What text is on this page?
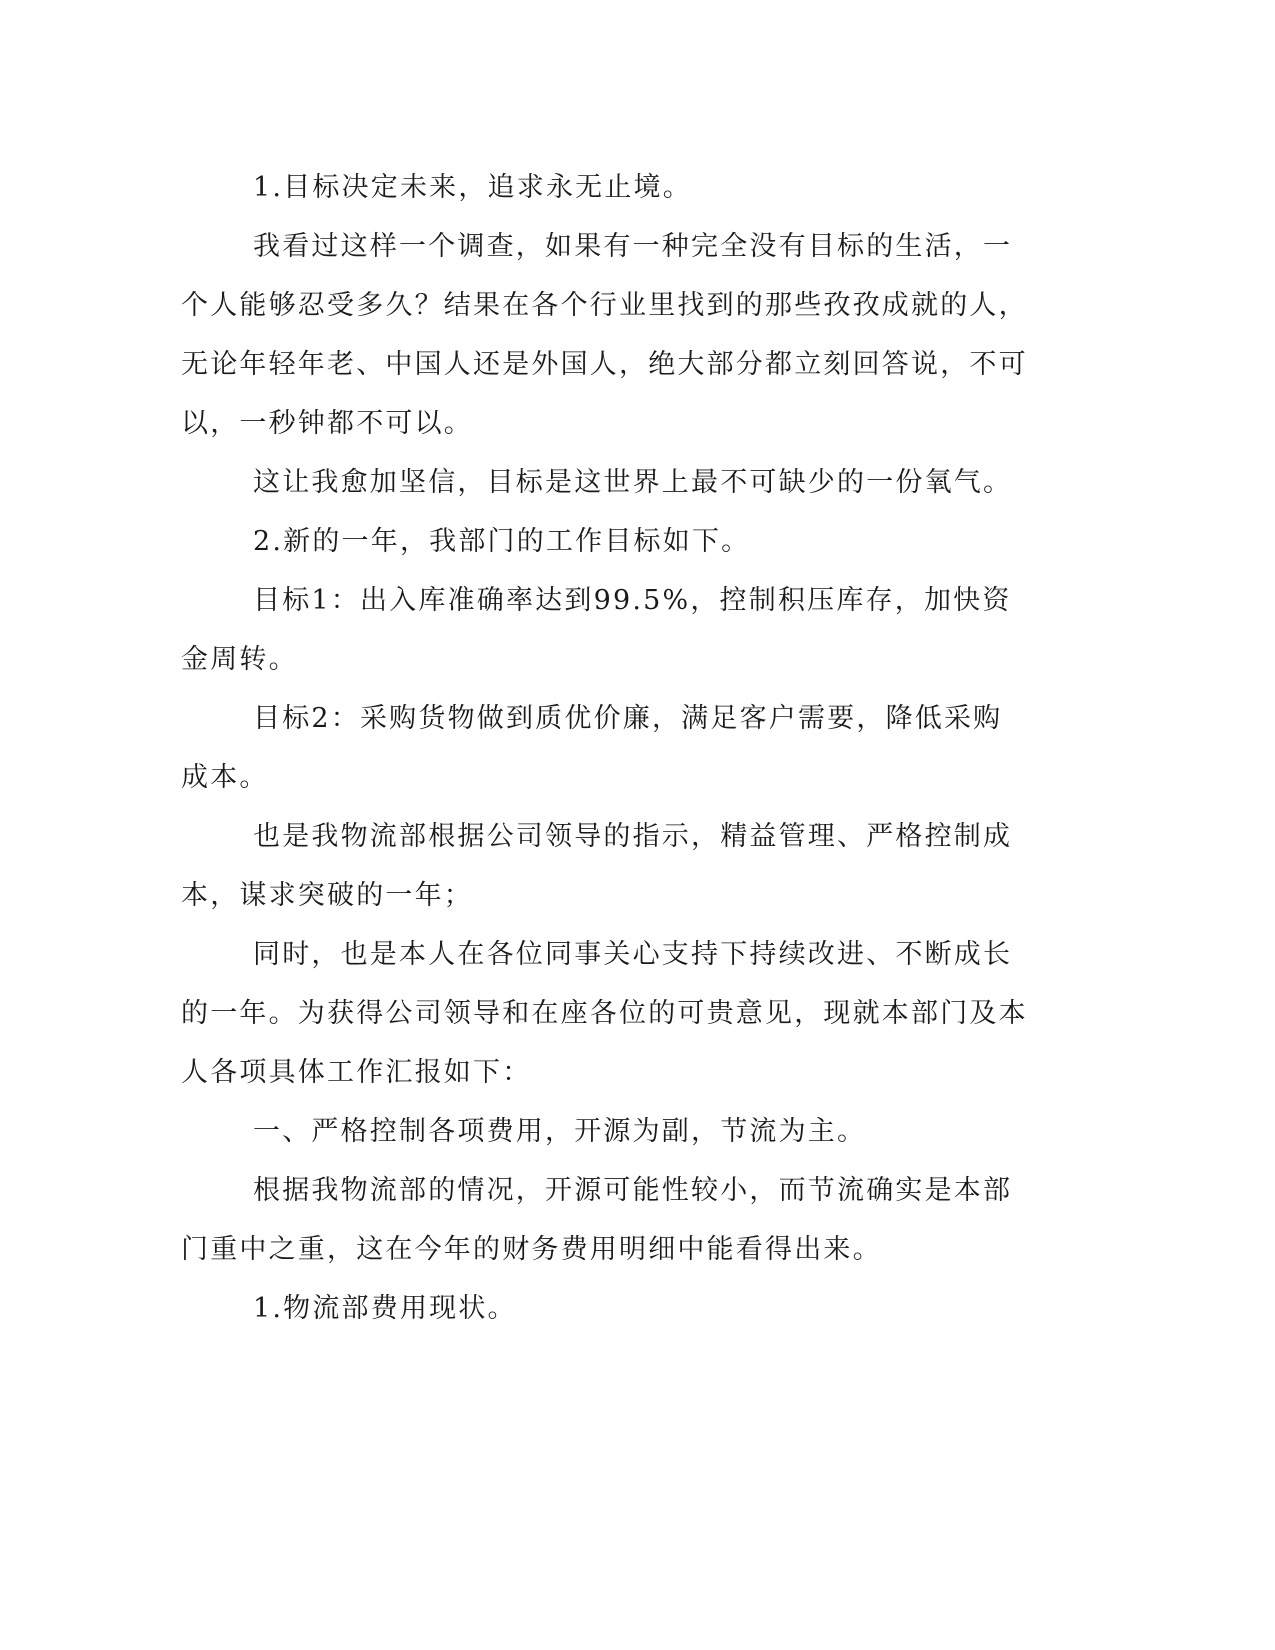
1.目标决定未来，追求永无止境。

我看过这样一个调查，如果有一种完全没有目标的生活，一个人能够忍受多久？结果在各个行业里找到的那些孜孜成就的人，无论年轻年老、中国人还是外国人，绝大部分都立刻回答说，不可以，一秒钟都不可以。

这让我愈加坚信，目标是这世界上最不可缺少的一份氧气。

2.新的一年，我部门的工作目标如下。

目标1：出入库准确率达到99.5%，控制积压库存，加快资金周转。

目标2：采购货物做到质优价廉，满足客户需要，降低采购成本。

也是我物流部根据公司领导的指示，精益管理、严格控制成本，谋求突破的一年；

同时，也是本人在各位同事关心支持下持续改进、不断成长的一年。为获得公司领导和在座各位的可贵意见，现就本部门及本人各项具体工作汇报如下：

一、严格控制各项费用，开源为副，节流为主。

根据我物流部的情况，开源可能性较小，而节流确实是本部门重中之重，这在今年的财务费用明细中能看得出来。

1.物流部费用现状。
